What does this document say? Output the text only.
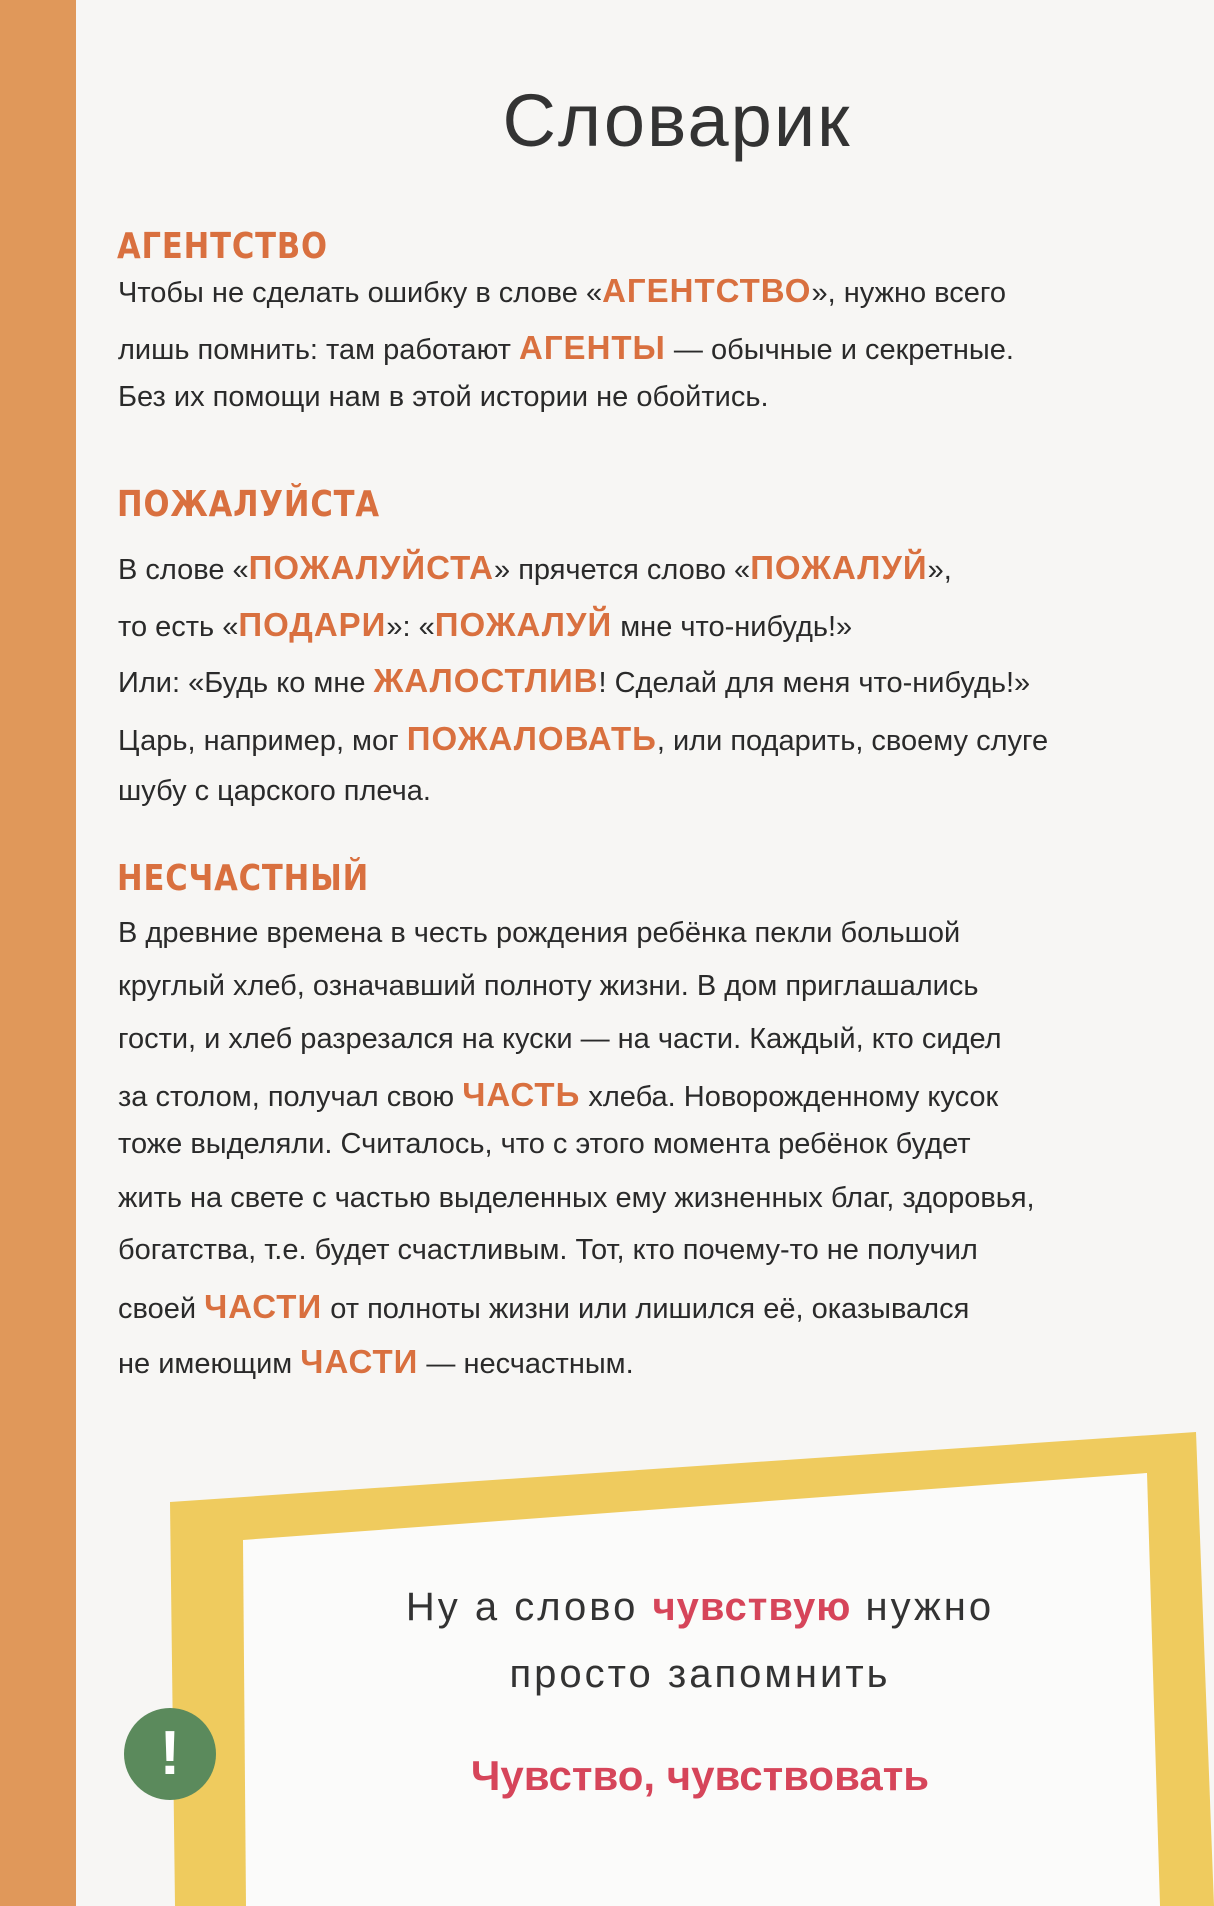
Словарик
АГЕНТСТВО
Чтобы не сделать ошибку в слове «АГЕНТСТВО», нужно всего
лишь помнить: там работают АГЕНТЫ — обычные и секретные.
Без их помощи нам в этой истории не обойтись.
ПОЖАЛУЙСТА
В слове «ПОЖАЛУЙСТА» прячется слово «ПОЖАЛУЙ»,
то есть «ПОДАРИ»: «ПОЖАЛУЙ мне что-нибудь!»
Или: «Будь ко мне ЖАЛОСТЛИВ! Сделай для меня что-нибудь!»
Царь, например, мог ПОЖАЛОВАТЬ, или подарить, своему слуге
шубу с царского плеча.
НЕСЧАСТНЫЙ
В древние времена в честь рождения ребёнка пекли большой
круглый хлеб, означавший полноту жизни. В дом приглашались
гости, и хлеб разрезался на куски — на части. Каждый, кто сидел
за столом, получал свою ЧАСТЬ хлеба. Новорожденному кусок
тоже выделяли. Считалось, что с этого момента ребёнок будет
жить на свете с частью выделенных ему жизненных благ, здоровья,
богатства, т.е. будет счастливым. Тот, кто почему-то не получил
своей ЧАСТИ от полноты жизни или лишился её, оказывался
не имеющим ЧАСТИ — несчастным.
Ну а слово чувствую нужно
просто запомнить
Чувство, чувствовать
!
